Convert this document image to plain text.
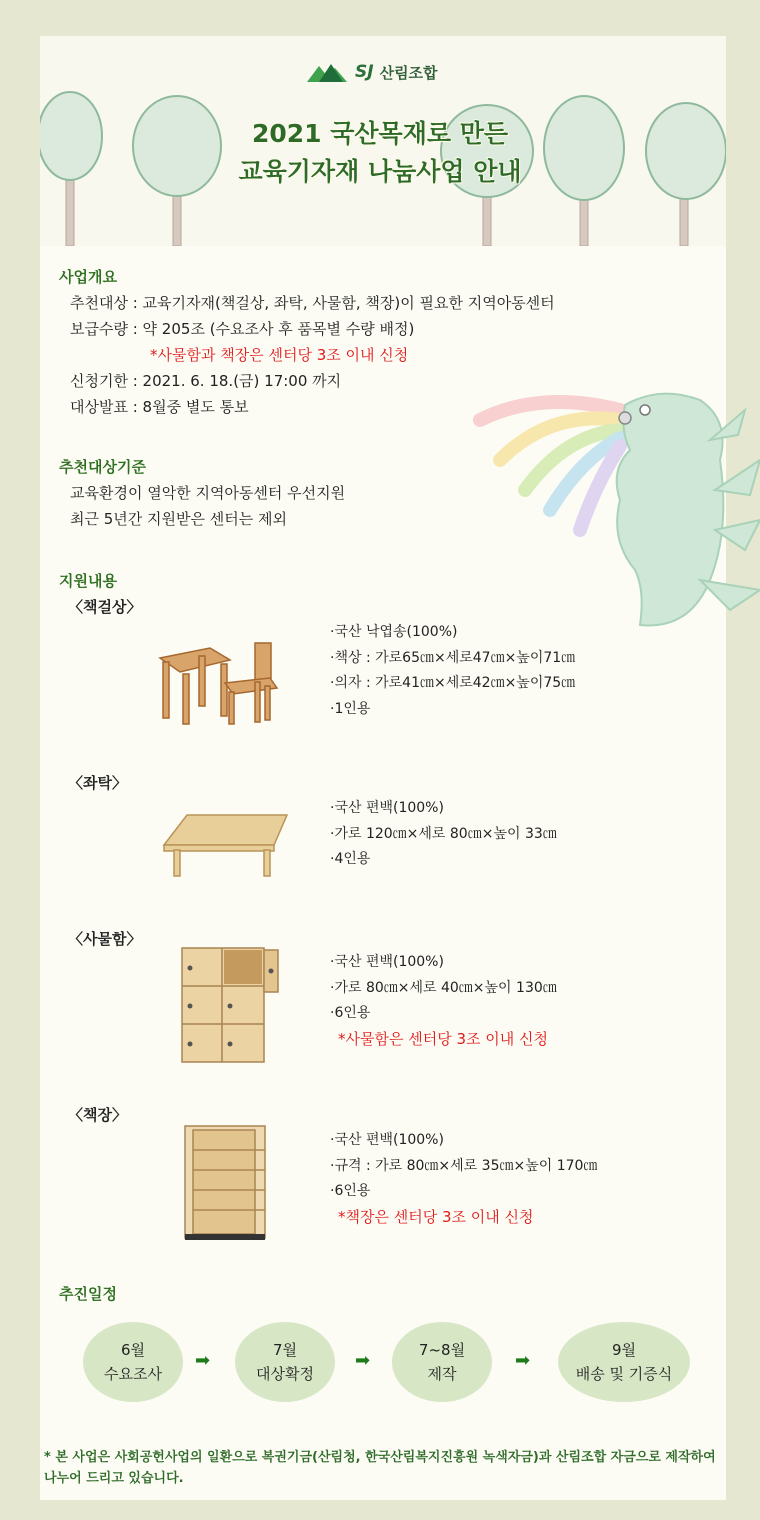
SJ 산림조합
2021 국산목재로 만든
교육기자재 나눔사업 안내
사업개요
추천대상 : 교육기자재(책걸상, 좌탁, 사물함, 책장)이 필요한 지역아동센터
보급수량 : 약 205조 (수요조사 후 품목별 수량 배정)
*사물함과 책장은 센터당 3조 이내 신청
신청기한 : 2021. 6. 18.(금) 17:00 까지
대상발표 : 8월중 별도 통보
추천대상기준
교육환경이 열악한 지역아동센터 우선지원
최근 5년간 지원받은 센터는 제외
지원내용
〈책걸상〉
·국산 낙엽송(100%)
·책상 : 가로65㎝×세로47㎝×높이71㎝
·의자 : 가로41㎝×세로42㎝×높이75㎝
·1인용
〈좌탁〉
·국산 편백(100%)
·가로 120㎝×세로 80㎝×높이 33㎝
·4인용
〈사물함〉
·국산 편백(100%)
·가로 80㎝×세로 40㎝×높이 130㎝
·6인용
*사물함은 센터당 3조 이내 신청
〈책장〉
·국산 편백(100%)
·규격 : 가로 80㎝×세로 35㎝×높이 170㎝
·6인용
*책장은 센터당 3조 이내 신청
추진일정
6월
수요조사
➡	7월
대상확정
➡	7~8월
제작
➡	9월
배송 및 기증식
* 본 사업은 사회공헌사업의 일환으로 복권기금(산림청, 한국산림복지진흥원 녹색자금)과 산림조합 자금으로 제작하여 나누어 드리고 있습니다.
